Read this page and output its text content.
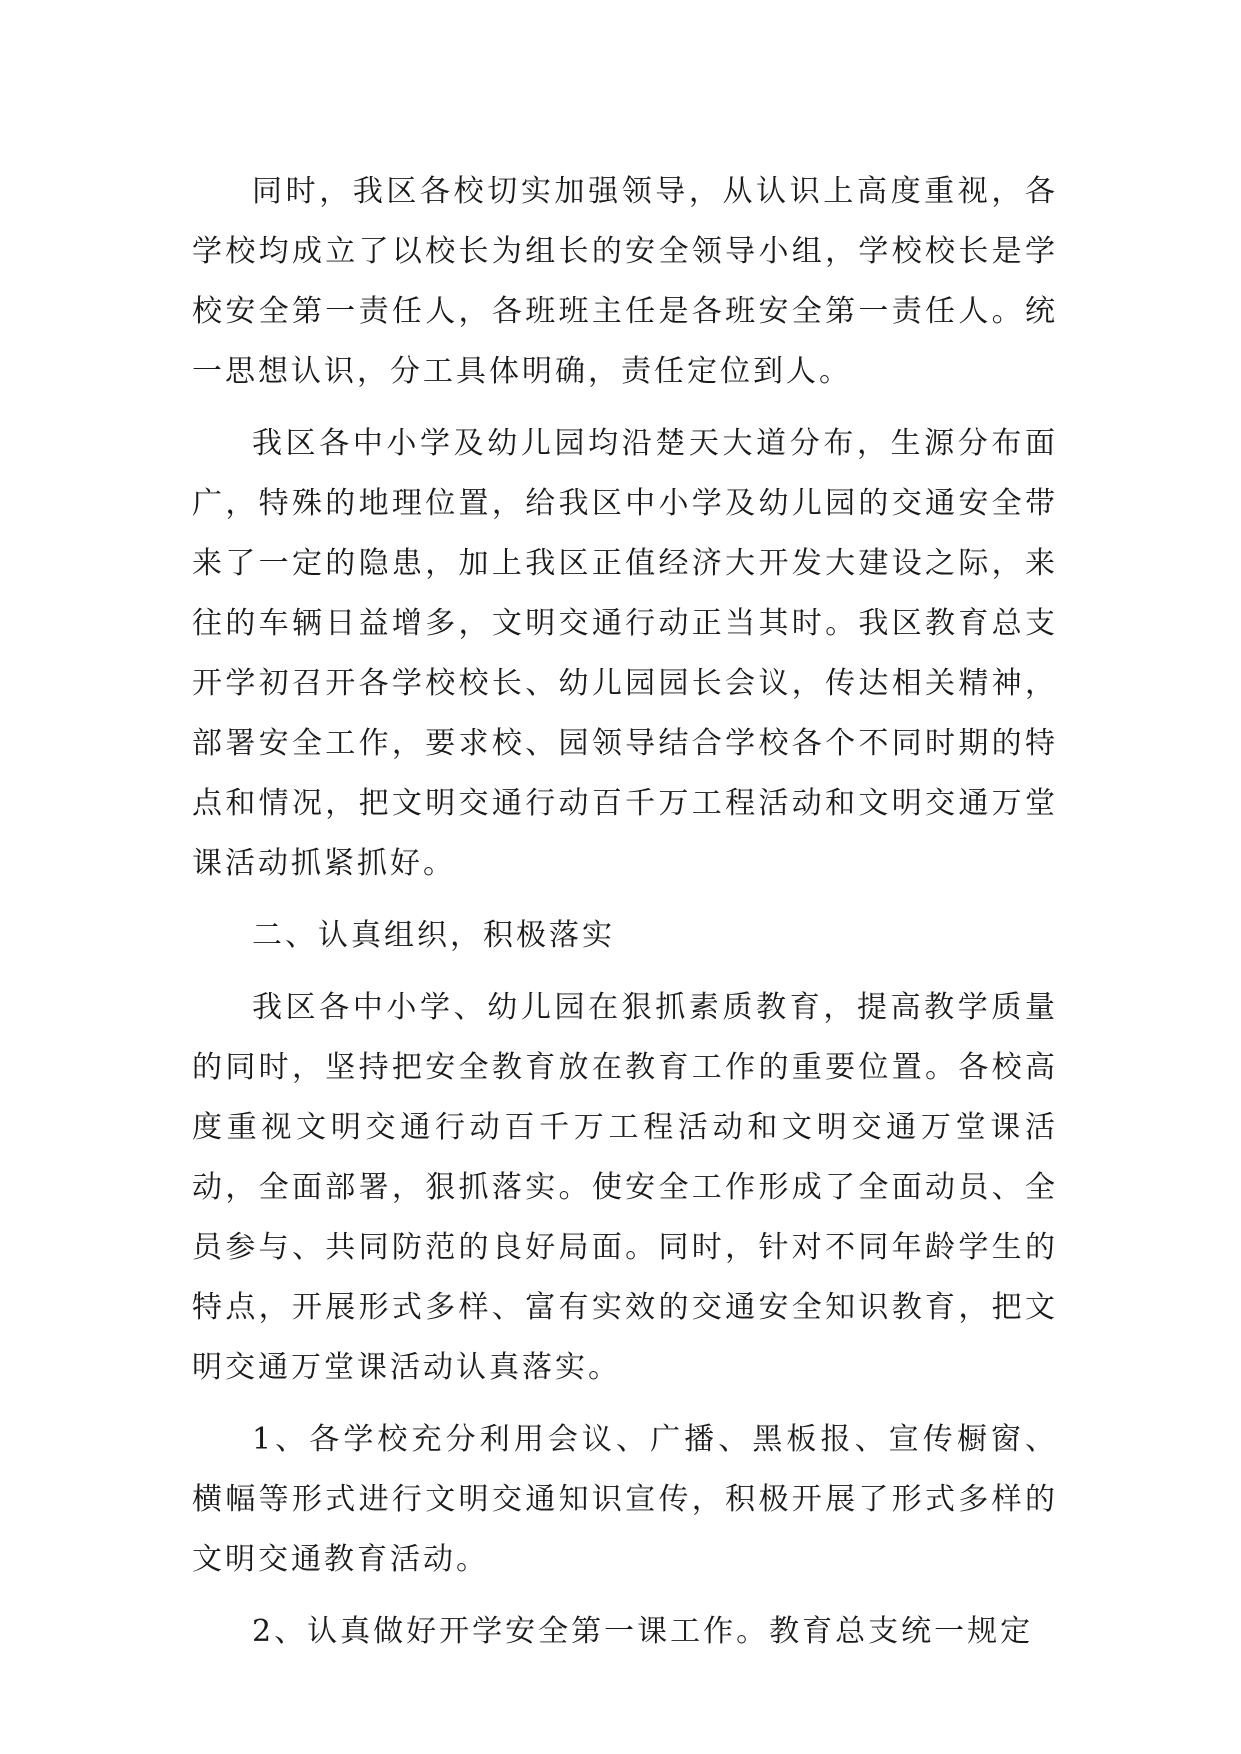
同时，我区各校切实加强领导，从认识上高度重视，各学校均成立了以校长为组长的安全领导小组，学校校长是学校安全第一责任人，各班班主任是各班安全第一责任人。统一思想认识，分工具体明确，责任定位到人。

我区各中小学及幼儿园均沿楚天大道分布，生源分布面广，特殊的地理位置，给我区中小学及幼儿园的交通安全带来了一定的隐患，加上我区正值经济大开发大建设之际，来往的车辆日益增多，文明交通行动正当其时。我区教育总支开学初召开各学校校长、幼儿园园长会议，传达相关精神，部署安全工作，要求校、园领导结合学校各个不同时期的特点和情况，把文明交通行动百千万工程活动和文明交通万堂课活动抓紧抓好。

二、认真组织，积极落实

我区各中小学、幼儿园在狠抓素质教育，提高教学质量的同时，坚持把安全教育放在教育工作的重要位置。各校高度重视文明交通行动百千万工程活动和文明交通万堂课活动，全面部署，狠抓落实。使安全工作形成了全面动员、全员参与、共同防范的良好局面。同时，针对不同年龄学生的特点，开展形式多样、富有实效的交通安全知识教育，把文明交通万堂课活动认真落实。

1、各学校充分利用会议、广播、黑板报、宣传橱窗、横幅等形式进行文明交通知识宣传，积极开展了形式多样的文明交通教育活动。

2、认真做好开学安全第一课工作。教育总支统一规定
